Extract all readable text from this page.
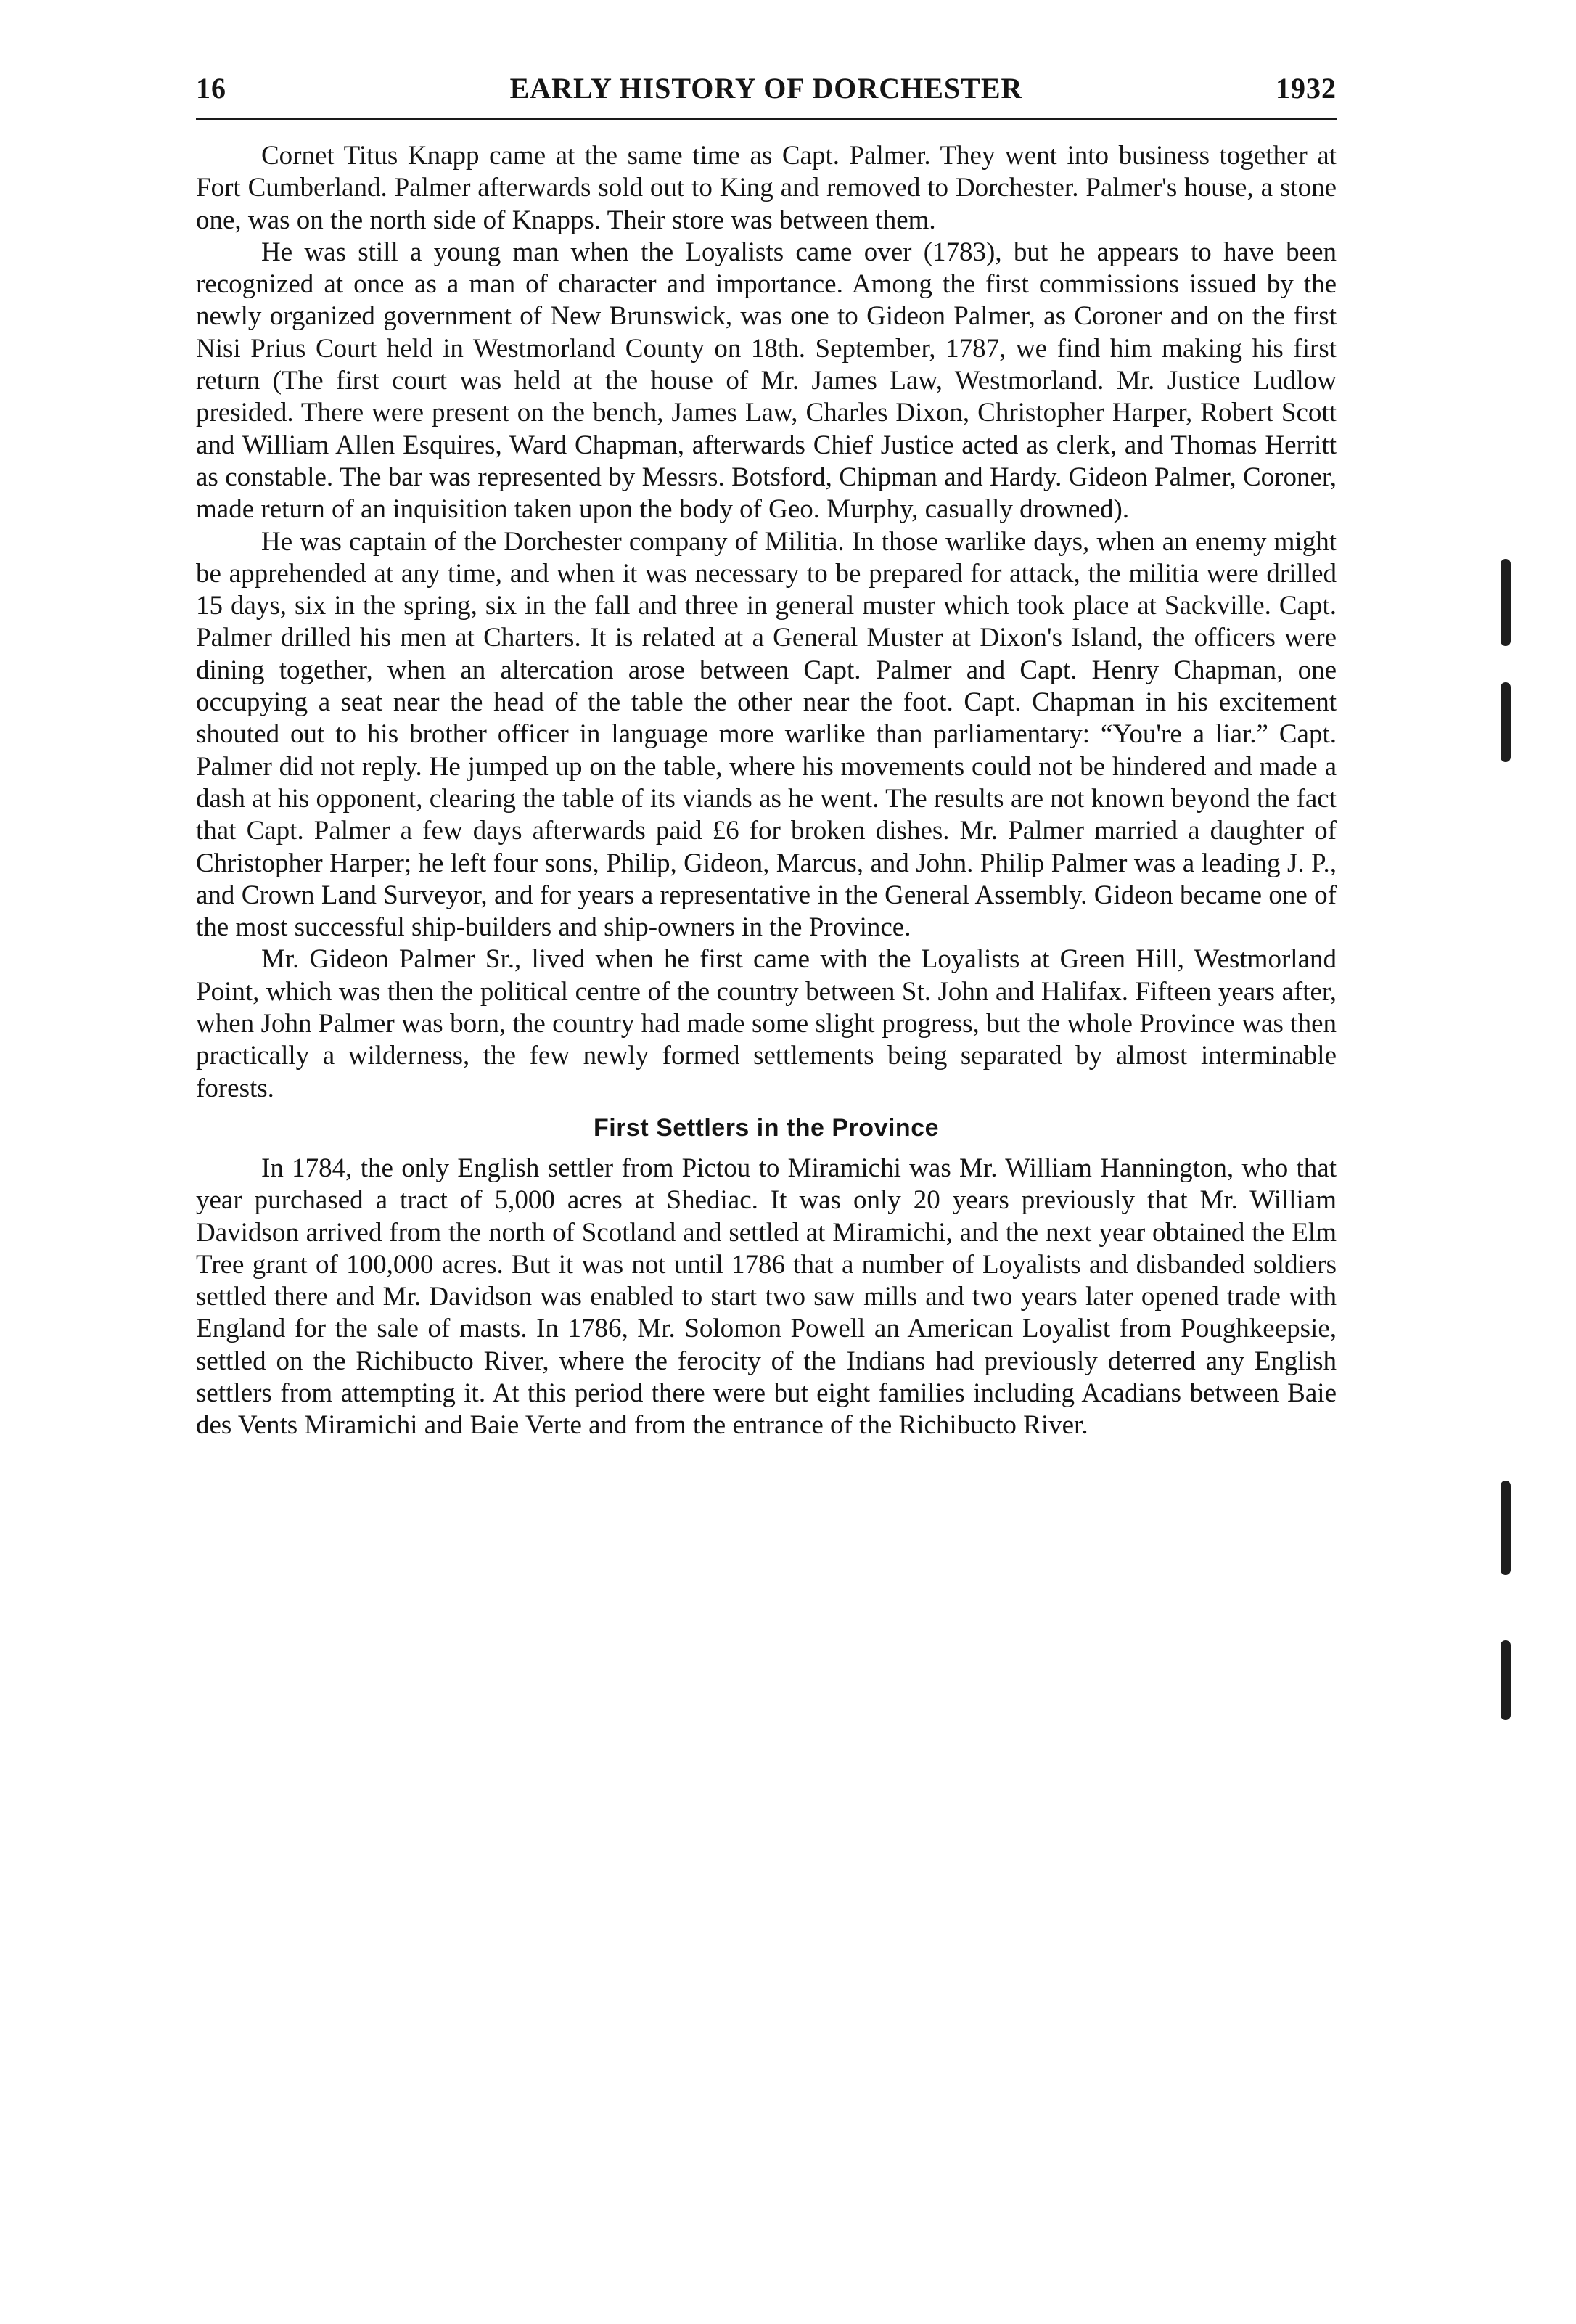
16	EARLY HISTORY OF DORCHESTER	1932

Cornet Titus Knapp came at the same time as Capt. Palmer. They went into business together at Fort Cumberland. Palmer afterwards sold out to King and removed to Dorchester. Palmer's house, a stone one, was on the north side of Knapps. Their store was between them.

He was still a young man when the Loyalists came over (1783), but he appears to have been recognized at once as a man of character and importance. Among the first commissions issued by the newly organized government of New Brunswick, was one to Gideon Palmer, as Coroner and on the first Nisi Prius Court held in Westmorland County on 18th. September, 1787, we find him making his first return (The first court was held at the house of Mr. James Law, Westmorland. Mr. Justice Ludlow presided. There were present on the bench, James Law, Charles Dixon, Christopher Harper, Robert Scott and William Allen Esquires, Ward Chapman, afterwards Chief Justice acted as clerk, and Thomas Herritt as constable. The bar was represented by Messrs. Botsford, Chipman and Hardy. Gideon Palmer, Coroner, made return of an inquisition taken upon the body of Geo. Murphy, casually drowned).

He was captain of the Dorchester company of Militia. In those warlike days, when an enemy might be apprehended at any time, and when it was necessary to be prepared for attack, the militia were drilled 15 days, six in the spring, six in the fall and three in general muster which took place at Sackville. Capt. Palmer drilled his men at Charters. It is related at a General Muster at Dixon's Island, the officers were dining together, when an altercation arose between Capt. Palmer and Capt. Henry Chapman, one occupying a seat near the head of the table the other near the foot. Capt. Chapman in his excitement shouted out to his brother officer in language more warlike than parliamentary: “You're a liar.” Capt. Palmer did not reply. He jumped up on the table, where his movements could not be hindered and made a dash at his opponent, clearing the table of its viands as he went. The results are not known beyond the fact that Capt. Palmer a few days afterwards paid £6 for broken dishes. Mr. Palmer married a daughter of Christopher Harper; he left four sons, Philip, Gideon, Marcus, and John. Philip Palmer was a leading J. P., and Crown Land Surveyor, and for years a representative in the General Assembly. Gideon became one of the most successful ship-builders and ship-owners in the Province.

Mr. Gideon Palmer Sr., lived when he first came with the Loyalists at Green Hill, Westmorland Point, which was then the political centre of the country between St. John and Halifax. Fifteen years after, when John Palmer was born, the country had made some slight progress, but the whole Province was then practically a wilderness, the few newly formed settlements being separated by almost interminable forests.

First Settlers in the Province

In 1784, the only English settler from Pictou to Miramichi was Mr. William Hannington, who that year purchased a tract of 5,000 acres at Shediac. It was only 20 years previously that Mr. William Davidson arrived from the north of Scotland and settled at Miramichi, and the next year obtained the Elm Tree grant of 100,000 acres. But it was not until 1786 that a number of Loyalists and disbanded soldiers settled there and Mr. Davidson was enabled to start two saw mills and two years later opened trade with England for the sale of masts. In 1786, Mr. Solomon Powell an American Loyalist from Poughkeepsie, settled on the Richibucto River, where the ferocity of the Indians had previously deterred any English settlers from attempting it. At this period there were but eight families including Acadians between Baie des Vents Miramichi and Baie Verte and from the entrance of the Richibucto River.
